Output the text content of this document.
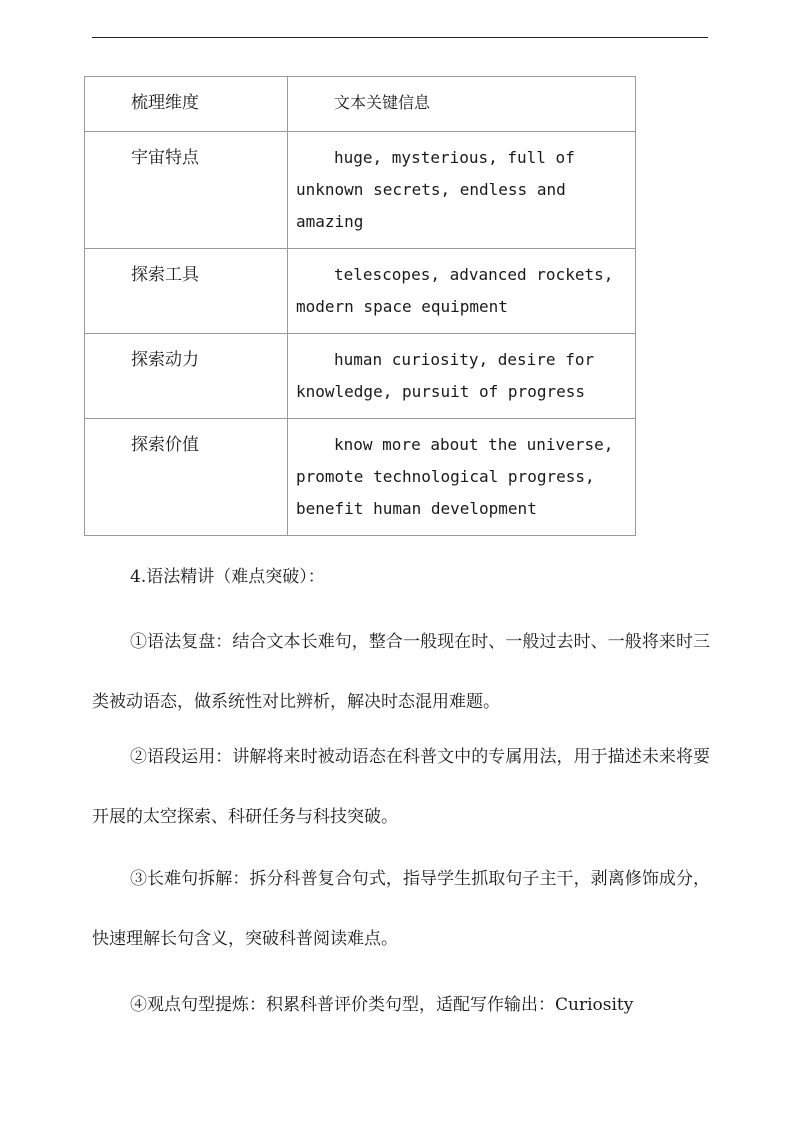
梳理维度	文本关键信息
宇宙特点	huge, mysterious, full of unknown secrets, endless and amazing
探索工具	telescopes, advanced rockets, modern space equipment
探索动力	human curiosity, desire for knowledge, pursuit of progress
探索价值	know more about the universe, promote technological progress, benefit human development
4.语法精讲（难点突破）：

①语法复盘：结合文本长难句，整合一般现在时、一般过去时、一般将来时三类被动语态，做系统性对比辨析，解决时态混用难题。

②语段运用：讲解将来时被动语态在科普文中的专属用法，用于描述未来将要开展的太空探索、科研任务与科技突破。

③长难句拆解：拆分科普复合句式，指导学生抓取句子主干，剥离修饰成分，快速理解长句含义，突破科普阅读难点。

④观点句型提炼：积累科普评价类句型，适配写作输出：Curiosity
